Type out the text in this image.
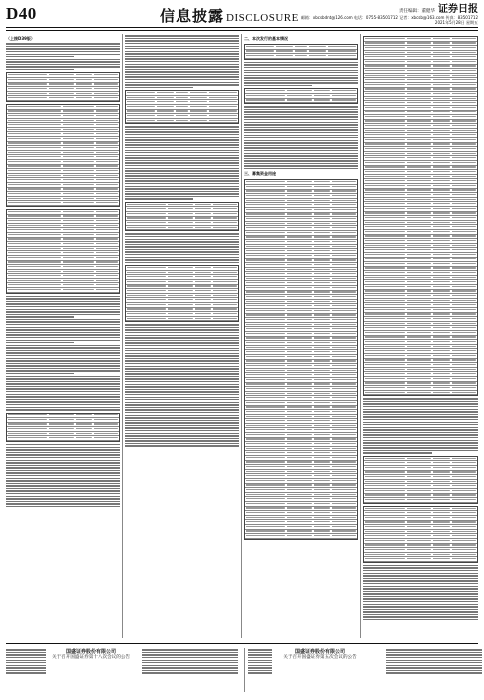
D40	信息披露 DISCLOSURE
责任编辑：董健华 证券日报
邮箱：xbcsbdnt@126.com 电话：0755-83501712 记者：xbcsb@163.com 传真：83501712
2021年5月28日 星期五
（上接D39版）	二、本次发行的基本情况
三、募集资金用途
国盛证券股份有限公司
关于召开国盛证券第十八次会议的公告
国盛证券股份有限公司
关于召开国盛证券第五次会议的公告
